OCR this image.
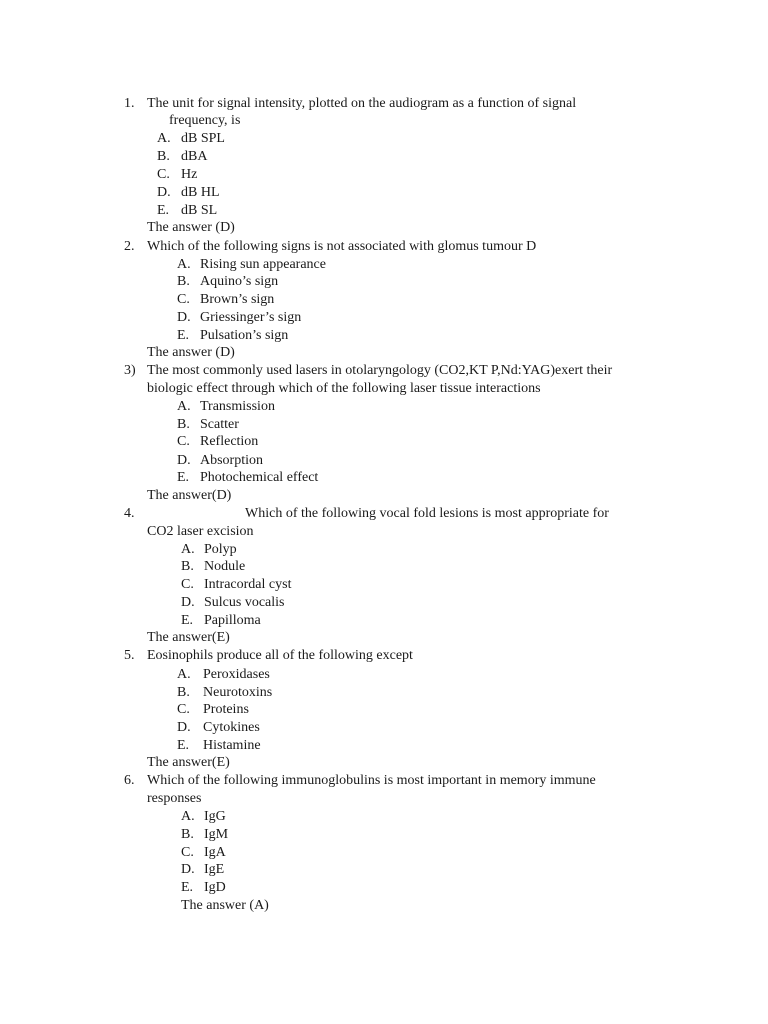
1. The unit for signal intensity, plotted on the audiogram as a function of signal
frequency, is
A. dB SPL
B. dBA
C. Hz
D. dB HL
E. dB SL
The answer (D)
2. Which of the following signs is not associated with glomus tumour D
A. Rising sun appearance
B. Aquino’s sign
C. Brown’s sign
D. Griessinger’s sign
E. Pulsation’s sign
The answer (D)
3) The most commonly used lasers in otolaryngology (CO2,KT P,Nd:YAG)exert their
biologic effect through which of the following laser tissue interactions
A. Transmission
B. Scatter
C. Reflection
D. Absorption
E. Photochemical effect
The answer(D)
4.	Which of the following vocal fold lesions is most appropriate for
CO2 laser excision
A. Polyp
B. Nodule
C. Intracordal cyst
D. Sulcus vocalis
E. Papilloma
The answer(E)
5. Eosinophils produce all of the following except
A. Peroxidases
B. Neurotoxins
C. Proteins
D. Cytokines
E. Histamine
The answer(E)
6. Which of the following immunoglobulins is most important in memory immune
responses
A. IgG
B. IgM
C. IgA
D. IgE
E. IgD
The answer (A)
